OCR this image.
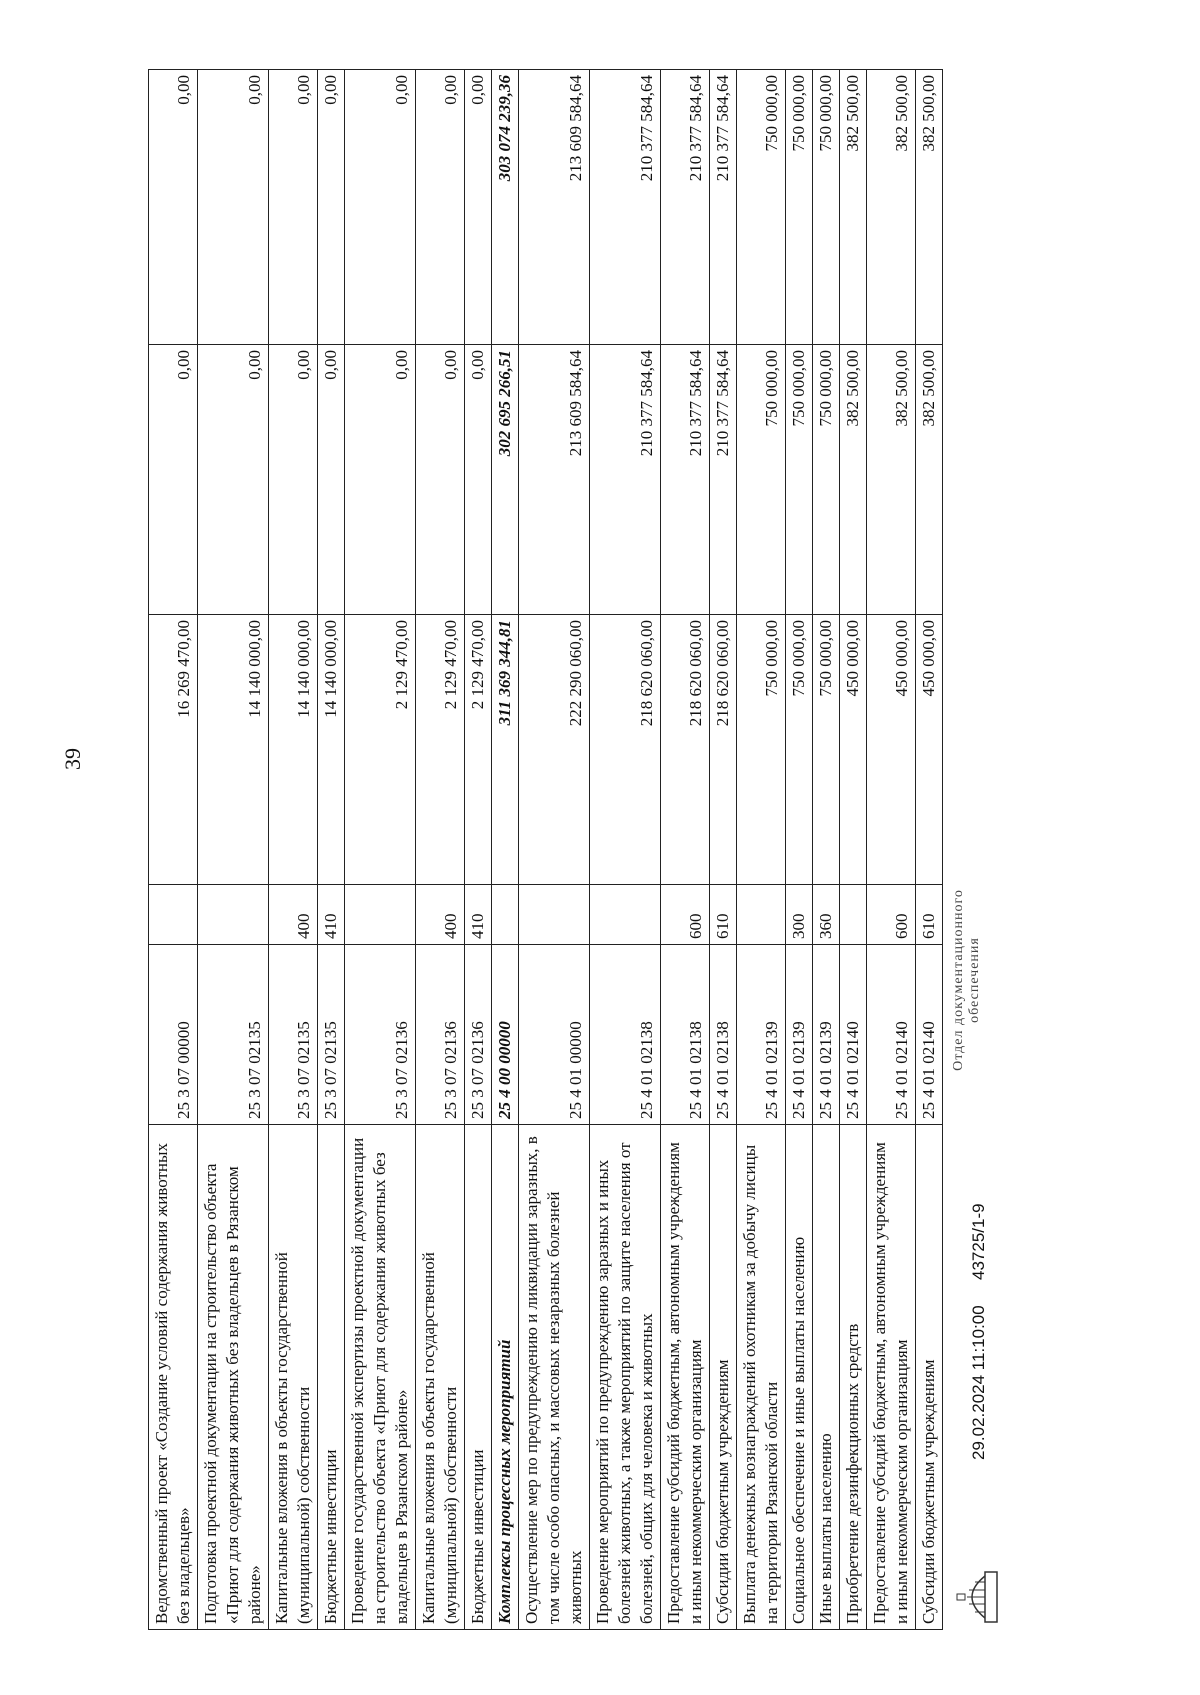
39
Ведомственный проект «Создание условий содержания животных без владельцев»	25 3 07 00000		16 269 470,00	0,00	0,00
Подготовка проектной документации на строительство объекта «Приют для содержания животных без владельцев в Рязанском районе»	25 3 07 02135		14 140 000,00	0,00	0,00
Капитальные вложения в объекты государственной (муниципальной) собственности	25 3 07 02135	400	14 140 000,00	0,00	0,00
Бюджетные инвестиции	25 3 07 02135	410	14 140 000,00	0,00	0,00
Проведение государственной экспертизы проектной документации на строительство объекта «Приют для содержания животных без владельцев в Рязанском районе»	25 3 07 02136		2 129 470,00	0,00	0,00
Капитальные вложения в объекты государственной (муниципальной) собственности	25 3 07 02136	400	2 129 470,00	0,00	0,00
Бюджетные инвестиции	25 3 07 02136	410	2 129 470,00	0,00	0,00
Комплексы процессных мероприятий	25 4 00 00000		311 369 344,81	302 695 266,51	303 074 239,36
Осуществление мер по предупреждению и ликвидации заразных, в том числе особо опасных, и массовых незаразных болезней животных	25 4 01 00000		222 290 060,00	213 609 584,64	213 609 584,64
Проведение мероприятий по предупреждению заразных и иных болезней животных, а также мероприятий по защите населения от болезней, общих для человека и животных	25 4 01 02138		218 620 060,00	210 377 584,64	210 377 584,64
Предоставление субсидий бюджетным, автономным учреждениям и иным некоммерческим организациям	25 4 01 02138	600	218 620 060,00	210 377 584,64	210 377 584,64
Субсидии бюджетным учреждениям	25 4 01 02138	610	218 620 060,00	210 377 584,64	210 377 584,64
Выплата денежных вознаграждений охотникам за добычу лисицы на территории Рязанской области	25 4 01 02139		750 000,00	750 000,00	750 000,00
Социальное обеспечение и иные выплаты населению	25 4 01 02139	300	750 000,00	750 000,00	750 000,00
Иные выплаты населению	25 4 01 02139	360	750 000,00	750 000,00	750 000,00
Приобретение дезинфекционных средств	25 4 01 02140		450 000,00	382 500,00	382 500,00
Предоставление субсидий бюджетным, автономным учреждениям и иным некоммерческим организациям	25 4 01 02140	600	450 000,00	382 500,00	382 500,00
Субсидии бюджетным учреждениям	25 4 01 02140	610	450 000,00	382 500,00	382 500,00
29.02.2024 11:10:00
43725/1-9
Отдел документационного обеспечения
